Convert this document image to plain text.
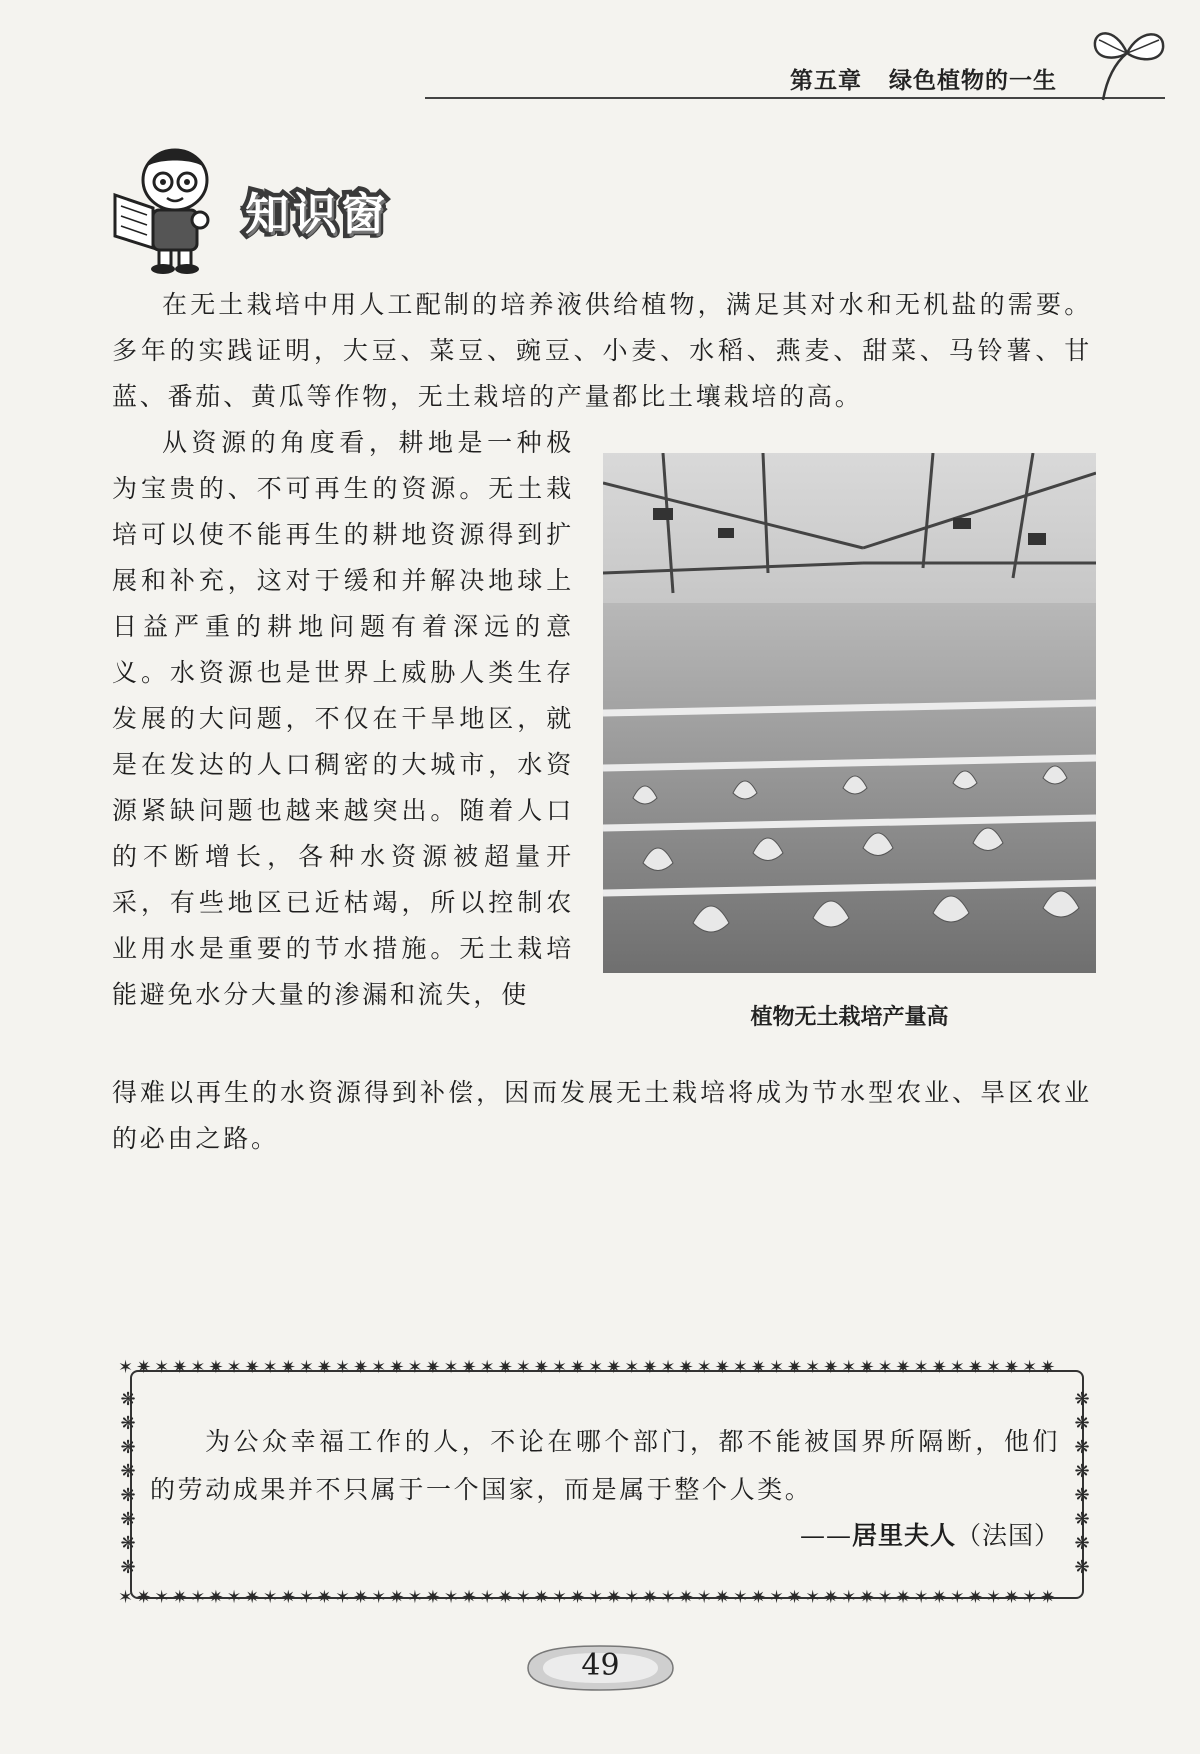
第五章 绿色植物的一生
知识窗
在无土栽培中用人工配制的培养液供给植物，满足其对水和无机盐的需要。多年的实践证明，大豆、菜豆、豌豆、小麦、水稻、燕麦、甜菜、马铃薯、甘蓝、番茄、黄瓜等作物，无土栽培的产量都比土壤栽培的高。
从资源的角度看，耕地是一种极为宝贵的、不可再生的资源。无土栽培可以使不能再生的耕地资源得到扩展和补充，这对于缓和并解决地球上日益严重的耕地问题有着深远的意义。水资源也是世界上威胁人类生存发展的大问题，不仅在干旱地区，就是在发达的人口稠密的大城市，水资源紧缺问题也越来越突出。随着人口的不断增长，各种水资源被超量开采，有些地区已近枯竭，所以控制农业用水是重要的节水措施。无土栽培能避免水分大量的渗漏和流失，使
得难以再生的水资源得到补偿，因而发展无土栽培将成为节水型农业、旱区农业的必由之路。
植物无土栽培产量高
✶✷✶✷✶✷✶✷✶✷✶✷✶✷✶✷✶✷✶✷✶✷✶✷✶✷✶✷✶✷✶✷✶✷✶✷✶✷✶✷✶✷✶✷✶✷✶✷✶✷✶✷
✶✷✶✷✶✷✶✷✶✷✶✷✶✷✶✷✶✷✶✷✶✷✶✷✶✷✶✷✶✷✶✷✶✷✶✷✶✷✶✷✶✷✶✷✶✷✶✷✶✷✶✷
❋
❋
❋
❋
❋
❋
❋
❋
❋
❋
❋
❋
❋
❋
❋
❋
为公众幸福工作的人，不论在哪个部门，都不能被国界所隔断，他们的劳动成果并不只属于一个国家，而是属于整个人类。
——居里夫人（法国）
49
